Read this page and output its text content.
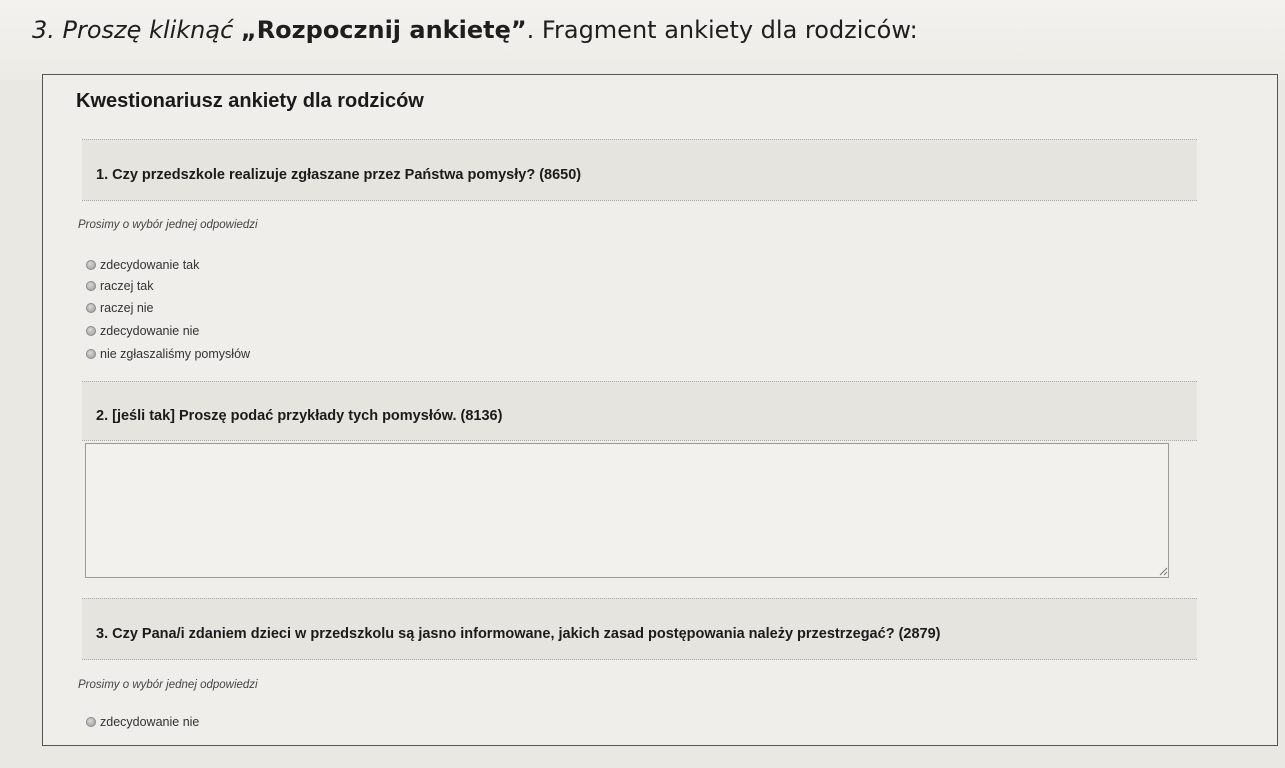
3. Proszę kliknąć „Rozpocznij ankietę”. Fragment ankiety dla rodziców:
Kwestionariusz ankiety dla rodziców
1. Czy przedszkole realizuje zgłaszane przez Państwa pomysły? (8650)
Prosimy o wybór jednej odpowiedzi
zdecydowanie tak
raczej tak
raczej nie
zdecydowanie nie
nie zgłaszaliśmy pomysłów
2. [jeśli tak] Proszę podać przykłady tych pomysłów. (8136)
3. Czy Pana/i zdaniem dzieci w przedszkolu są jasno informowane, jakich zasad postępowania należy przestrzegać? (2879)
Prosimy o wybór jednej odpowiedzi
zdecydowanie nie
